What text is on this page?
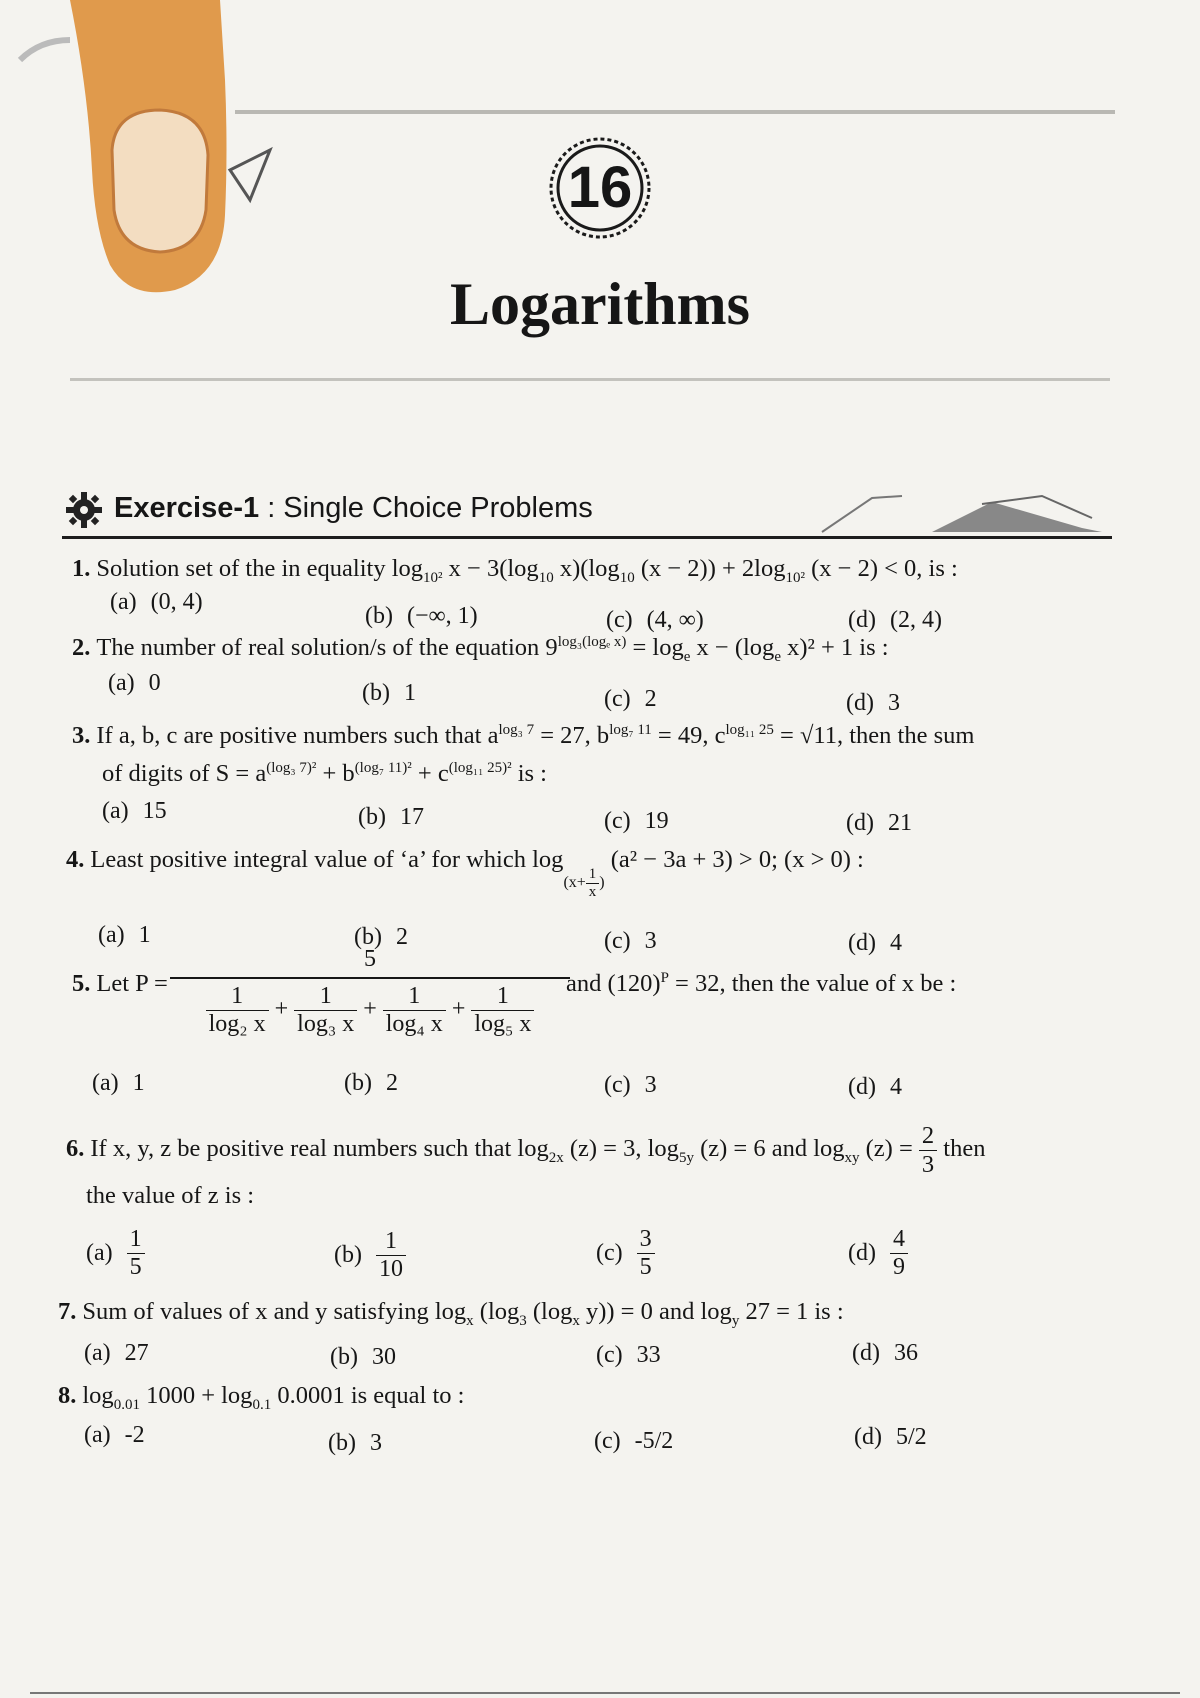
16
Logarithms
Exercise-1 : Single Choice Problems
1. Solution set of the in equality $\log_{10^2} x - 3(\log_{10}$ $x)(\log_{10}$ $(x - 2)) + 2\log_{10^2}$ (x − 2) < 0, is :
(a) (0, 4)
(b) (−∞, 1)	(c) (4, ∞)	(d) (2, 4)
2. The number of real solution/s of the equation $9^{log_3(log_e x)} = \log_e x - (\log_e$ x)² + 1 is :
(a) 0	(b) 1	(c) 2	(d) 3
3. If a, b, c are positive numbers such that $a^{log_3 7} = 27$, $b^{log_7 11} = 49$, $c^{log_{11} 25} = √11$, then the sum
of digits of $S = a^{(log_3 7)^2} + b^{(log_7 11)^2} + c^{(log_{11} 25)^2}$ is :
(a) 15	(b) 17	(c) 19	(d) 21
4. Least positive integral value of ‘a’ for which $\log_{(x+ \frac{1}{x} )} (a^2 - 3a + 3) > 0$; (x > 0) :
(a) 1	(b) 2	(c) 3	(d) 4
5. Let $P = \frac{5}{\frac{1}{\text{log₂ x}} + \frac{1}{\text{log₃ x}} + \frac{1}{\text{log₄ x}} + \frac{1}{\text{log₅ x}}}$
and $(120)^P = 32$, then the value of x be :
(a) 1	(b) 2	(c) 3	(d) 4
6. If x, y, z be positive real numbers such that $\log_{2x} (z) = 3$, $\log_{5y} (z) = 6$ and $\log_{xy} (z) = \frac{2}{3}$ then
the value of z is :
$(a) \frac{1}{5}$	$(b) \frac{1}{10}$	$(c) \frac{3}{5}$	$(d) \frac{4}{9}$
7. Sum of values of x and y satisfying $\log_x (\log_3$ ($\log_x$ y)) = 0 and $\log_y 27 = 1$ is :
(a) 27	(b) 30	(c) 33	(d) 36
8. $\log_{0.01} 1000 + \log_{0.1} 0.0001$ is equal to :
(a) -2	(b) 3	(c) -5/2	(d) 5/2
